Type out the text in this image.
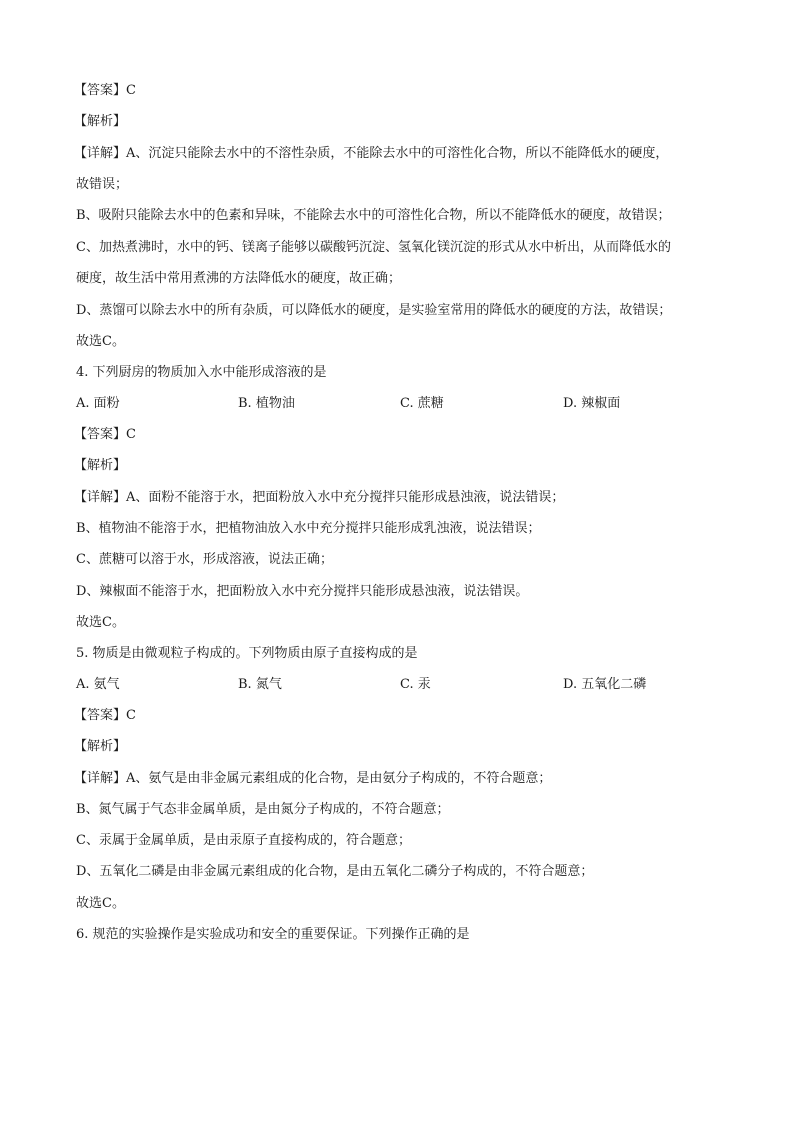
【答案】C
【解析】
【详解】A、沉淀只能除去水中的不溶性杂质，不能除去水中的可溶性化合物，所以不能降低水的硬度，
故错误；
B、吸附只能除去水中的色素和异味，不能除去水中的可溶性化合物，所以不能降低水的硬度，故错误；
C、加热煮沸时，水中的钙、镁离子能够以碳酸钙沉淀、氢氧化镁沉淀的形式从水中析出，从而降低水的
硬度，故生活中常用煮沸的方法降低水的硬度，故正确；
D、蒸馏可以除去水中的所有杂质，可以降低水的硬度，是实验室常用的降低水的硬度的方法，故错误；
故选C。
4. 下列厨房的物质加入水中能形成溶液的是
A. 面粉	B. 植物油	C. 蔗糖	D. 辣椒面
【答案】C
【解析】
【详解】A、面粉不能溶于水，把面粉放入水中充分搅拌只能形成悬浊液，说法错误；
B、植物油不能溶于水，把植物油放入水中充分搅拌只能形成乳浊液，说法错误；
C、蔗糖可以溶于水，形成溶液，说法正确；
D、辣椒面不能溶于水，把面粉放入水中充分搅拌只能形成悬浊液，说法错误。
故选C。
5. 物质是由微观粒子构成的。下列物质由原子直接构成的是
A. 氨气	B. 氮气	C. 汞	D. 五氧化二磷
【答案】C
【解析】
【详解】A、氨气是由非金属元素组成的化合物，是由氨分子构成的，不符合题意；
B、氮气属于气态非金属单质，是由氮分子构成的，不符合题意；
C、汞属于金属单质，是由汞原子直接构成的，符合题意；
D、五氧化二磷是由非金属元素组成的化合物，是由五氧化二磷分子构成的，不符合题意；
故选C。
6. 规范的实验操作是实验成功和安全的重要保证。下列操作正确的是
